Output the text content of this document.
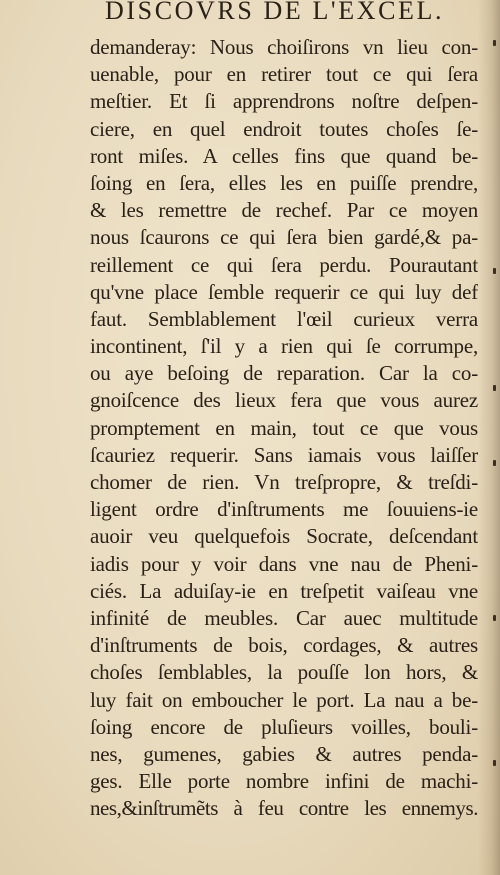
DISCOVRS DE L'EXCEL.
demanderay: Nous choiſirons vn lieu con-
uenable, pour en retirer tout ce qui ſera
meſtier. Et ſi apprendrons noſtre deſpen-
ciere, en quel endroit toutes choſes ſe-
ront miſes. A celles fins que quand be-
ſoing en ſera, elles les en puiſſe prendre,
& les remettre de rechef. Par ce moyen
nous ſcaurons ce qui ſera bien gardé,& pa-
reillement ce qui ſera perdu. Pourautant
qu'vne place ſemble requerir ce qui luy def
faut. Semblablement l'œil curieux verra
incontinent, ſ'il y a rien qui ſe corrumpe,
ou aye beſoing de reparation. Car la co-
gnoiſcence des lieux fera que vous aurez
promptement en main, tout ce que vous
ſcauriez requerir. Sans iamais vous laiſſer
chomer de rien. Vn treſpropre, & treſdi-
ligent ordre d'inſtruments me ſouuiens-ie
auoir veu quelquefois Socrate, deſcendant
iadis pour y voir dans vne nau de Pheni-
ciés. La aduiſay-ie en treſpetit vaiſeau vne
infinité de meubles. Car auec multitude
d'inſtruments de bois, cordages, & autres
choſes ſemblables, la pouſſe lon hors, &
luy fait on emboucher le port. La nau a be-
ſoing encore de pluſieurs voilles, bouli-
nes, gumenes, gabies & autres penda-
ges. Elle porte nombre infini de machi-
nes,&inſtrumẽts à feu contre les ennemys.
